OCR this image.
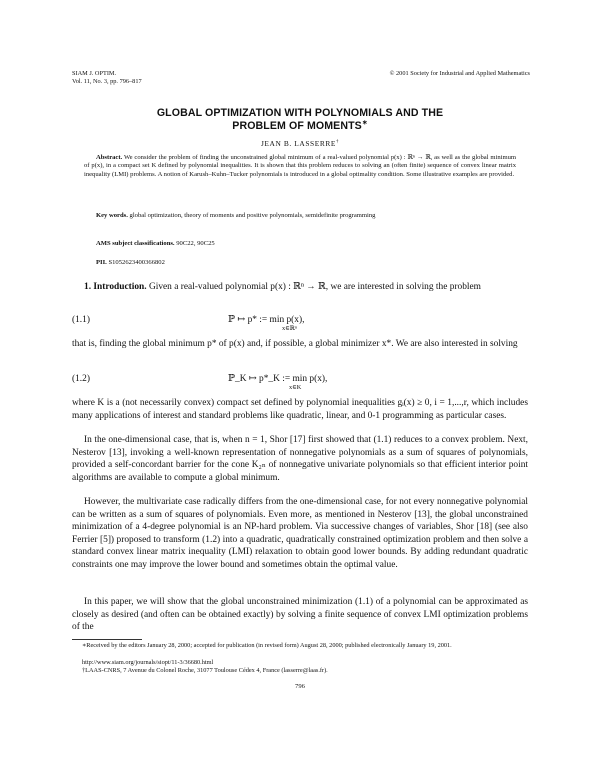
SIAM J. OPTIM.
Vol. 11, No. 3, pp. 796–817
© 2001 Society for Industrial and Applied Mathematics
GLOBAL OPTIMIZATION WITH POLYNOMIALS AND THE
PROBLEM OF MOMENTS∗
JEAN B. LASSERRE†
Abstract. We consider the problem of finding the unconstrained global minimum of a real-valued polynomial p(x) : ℝⁿ → ℝ, as well as the global minimum of p(x), in a compact set K defined by polynomial inequalities. It is shown that this problem reduces to solving an (often finite) sequence of convex linear matrix inequality (LMI) problems. A notion of Karush–Kuhn–Tucker polynomials is introduced in a global optimality condition. Some illustrative examples are provided.
Key words. global optimization, theory of moments and positive polynomials, semidefinite programming
AMS subject classifications. 90C22, 90C25
PII. S1052623400366802
1. Introduction. Given a real-valued polynomial p(x) : ℝⁿ → ℝ, we are interested in solving the problem
(1.1)	ℙ ↦ p* := min p(x),
x∈ℝⁿ
that is, finding the global minimum p* of p(x) and, if possible, a global minimizer x*. We are also interested in solving
(1.2)	ℙ_K ↦ p*_K := min p(x),
x∈K
where K is a (not necessarily convex) compact set defined by polynomial inequalities gᵢ(x) ≥ 0, i = 1,...,r, which includes many applications of interest and standard problems like quadratic, linear, and 0-1 programming as particular cases.
In the one-dimensional case, that is, when n = 1, Shor [17] first showed that (1.1) reduces to a convex problem. Next, Nesterov [13], invoking a well-known representation of nonnegative polynomials as a sum of squares of polynomials, provided a self-concordant barrier for the cone K₂ₙ of nonnegative univariate polynomials so that efficient interior point algorithms are available to compute a global minimum.
However, the multivariate case radically differs from the one-dimensional case, for not every nonnegative polynomial can be written as a sum of squares of polynomials. Even more, as mentioned in Nesterov [13], the global unconstrained minimization of a 4-degree polynomial is an NP-hard problem. Via successive changes of variables, Shor [18] (see also Ferrier [5]) proposed to transform (1.2) into a quadratic, quadratically constrained optimization problem and then solve a standard convex linear matrix inequality (LMI) relaxation to obtain good lower bounds. By adding redundant quadratic constraints one may improve the lower bound and sometimes obtain the optimal value.
In this paper, we will show that the global unconstrained minimization (1.1) of a polynomial can be approximated as closely as desired (and often can be obtained exactly) by solving a finite sequence of convex LMI optimization problems of the
∗Received by the editors January 28, 2000; accepted for publication (in revised form) August 28, 2000; published electronically January 19, 2001.
http://www.siam.org/journals/siopt/11-3/36680.html
†LAAS-CNRS, 7 Avenue du Colonel Roche, 31077 Toulouse Cédex 4, France (lasserre@laas.fr).
796
